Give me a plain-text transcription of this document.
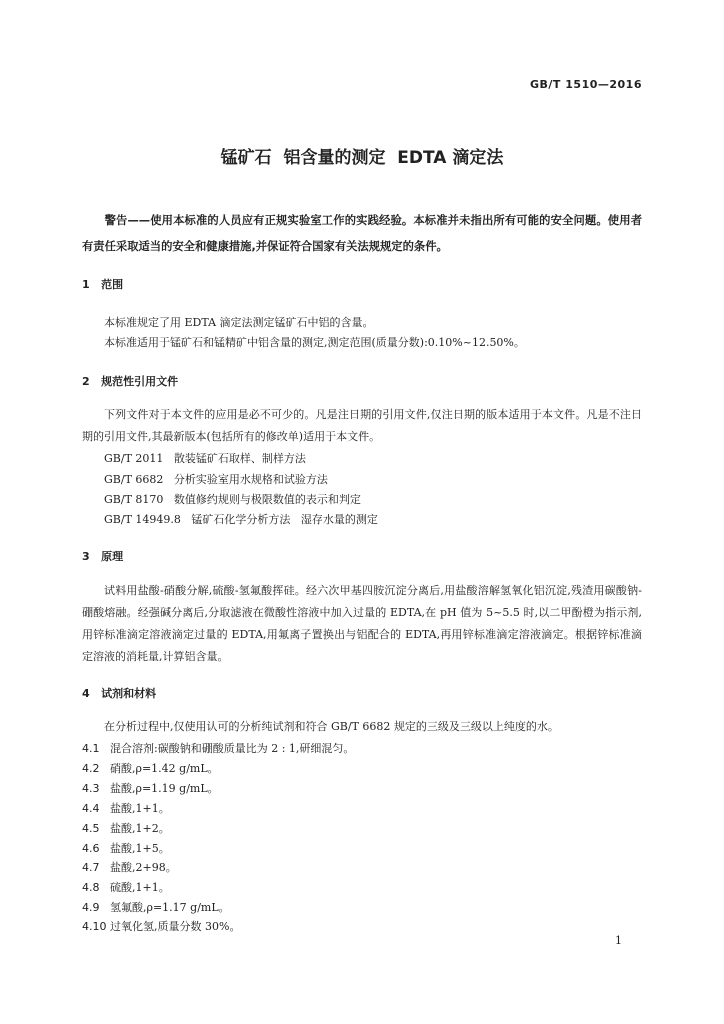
GB/T 1510—2016
锰矿石  铝含量的测定  EDTA 滴定法
警告——使用本标准的人员应有正规实验室工作的实践经验。本标准并未指出所有可能的安全问题。使用者有责任采取适当的安全和健康措施,并保证符合国家有关法规规定的条件。
1   范围
本标准规定了用 EDTA 滴定法测定锰矿石中铝的含量。
本标准适用于锰矿石和锰精矿中铝含量的测定,测定范围(质量分数):0.10%~12.50%。
2   规范性引用文件
下列文件对于本文件的应用是必不可少的。凡是注日期的引用文件,仅注日期的版本适用于本文件。凡是不注日期的引用文件,其最新版本(包括所有的修改单)适用于本文件。
GB/T 2011   散装锰矿石取样、制样方法
GB/T 6682   分析实验室用水规格和试验方法
GB/T 8170   数值修约规则与极限数值的表示和判定
GB/T 14949.8   锰矿石化学分析方法   湿存水量的测定
3   原理
试料用盐酸-硝酸分解,硫酸-氢氟酸挥硅。经六次甲基四胺沉淀分离后,用盐酸溶解氢氧化铝沉淀,残渣用碳酸钠-硼酸熔融。经强碱分离后,分取滤液在微酸性溶液中加入过量的 EDTA,在 pH 值为 5~5.5 时,以二甲酚橙为指示剂,用锌标准滴定溶液滴定过量的 EDTA,用氟离子置换出与铝配合的 EDTA,再用锌标准滴定溶液滴定。根据锌标准滴定溶液的消耗量,计算铝含量。
4   试剂和材料
在分析过程中,仅使用认可的分析纯试剂和符合 GB/T 6682 规定的三级及三级以上纯度的水。
4.1 混合溶剂:碳酸钠和硼酸质量比为 2 : 1,研细混匀。
4.2 硝酸,ρ=1.42 g/mL。
4.3 盐酸,ρ=1.19 g/mL。
4.4 盐酸,1+1。
4.5 盐酸,1+2。
4.6 盐酸,1+5。
4.7 盐酸,2+98。
4.8 硫酸,1+1。
4.9 氢氟酸,ρ=1.17 g/mL。
4.10 过氧化氢,质量分数 30%。
1
